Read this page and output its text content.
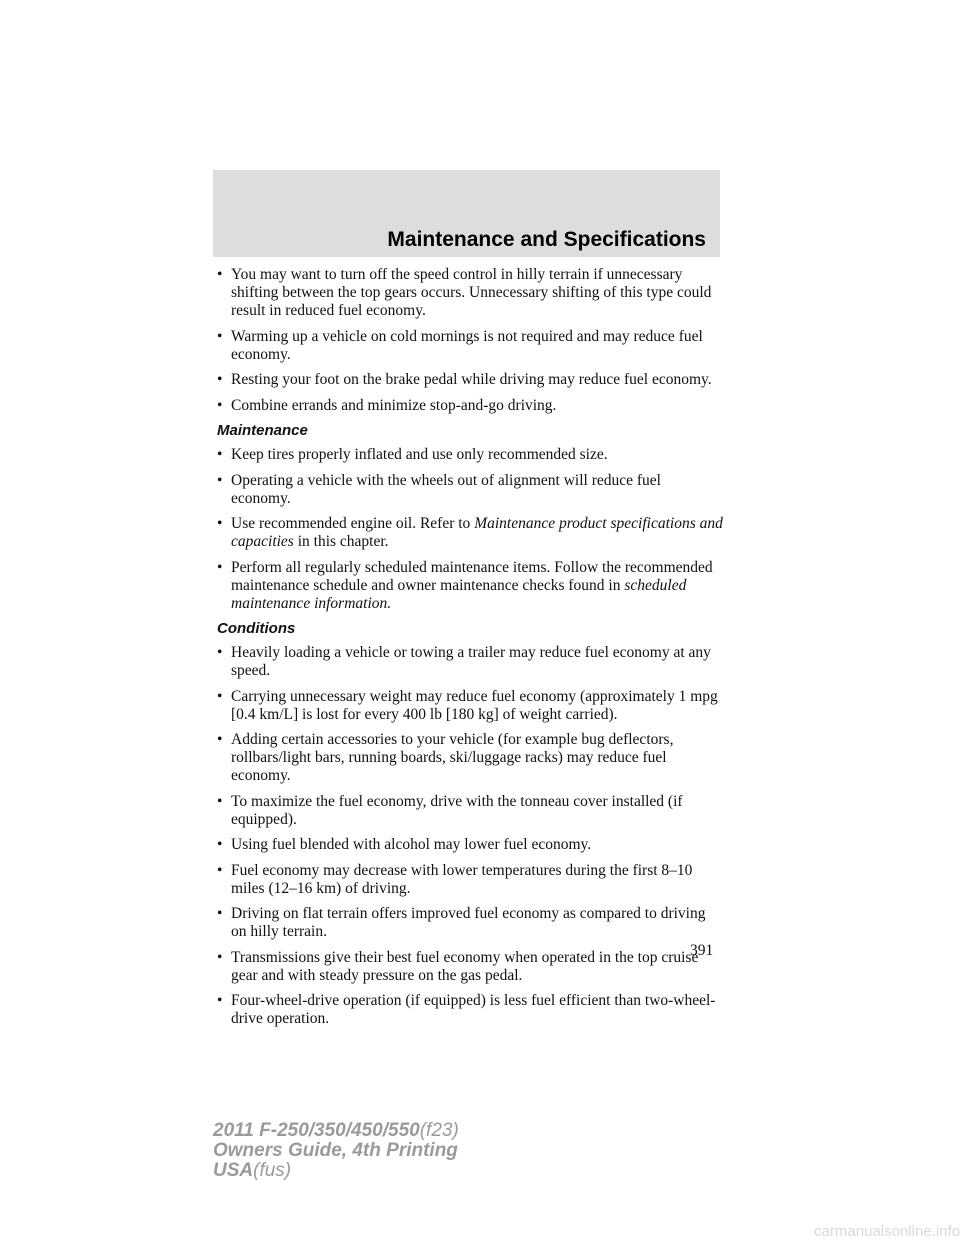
Maintenance and Specifications
• You may want to turn off the speed control in hilly terrain if unnecessary shifting between the top gears occurs. Unnecessary shifting of this type could result in reduced fuel economy.
• Warming up a vehicle on cold mornings is not required and may reduce fuel economy.
• Resting your foot on the brake pedal while driving may reduce fuel economy.
• Combine errands and minimize stop-and-go driving.
Maintenance
• Keep tires properly inflated and use only recommended size.
• Operating a vehicle with the wheels out of alignment will reduce fuel economy.
• Use recommended engine oil. Refer to Maintenance product specifications and capacities in this chapter.
• Perform all regularly scheduled maintenance items. Follow the recommended maintenance schedule and owner maintenance checks found in scheduled maintenance information.
Conditions
• Heavily loading a vehicle or towing a trailer may reduce fuel economy at any speed.
• Carrying unnecessary weight may reduce fuel economy (approximately 1 mpg [0.4 km/L] is lost for every 400 lb [180 kg] of weight carried).
• Adding certain accessories to your vehicle (for example bug deflectors, rollbars/light bars, running boards, ski/luggage racks) may reduce fuel economy.
• To maximize the fuel economy, drive with the tonneau cover installed (if equipped).
• Using fuel blended with alcohol may lower fuel economy.
• Fuel economy may decrease with lower temperatures during the first 8–10 miles (12–16 km) of driving.
• Driving on flat terrain offers improved fuel economy as compared to driving on hilly terrain.
• Transmissions give their best fuel economy when operated in the top cruise gear and with steady pressure on the gas pedal.
• Four-wheel-drive operation (if equipped) is less fuel efficient than two-wheel-drive operation.
391
2011 F-250/350/450/550(f23)
Owners Guide, 4th Printing
USA(fus)
carmanualsonline.info
